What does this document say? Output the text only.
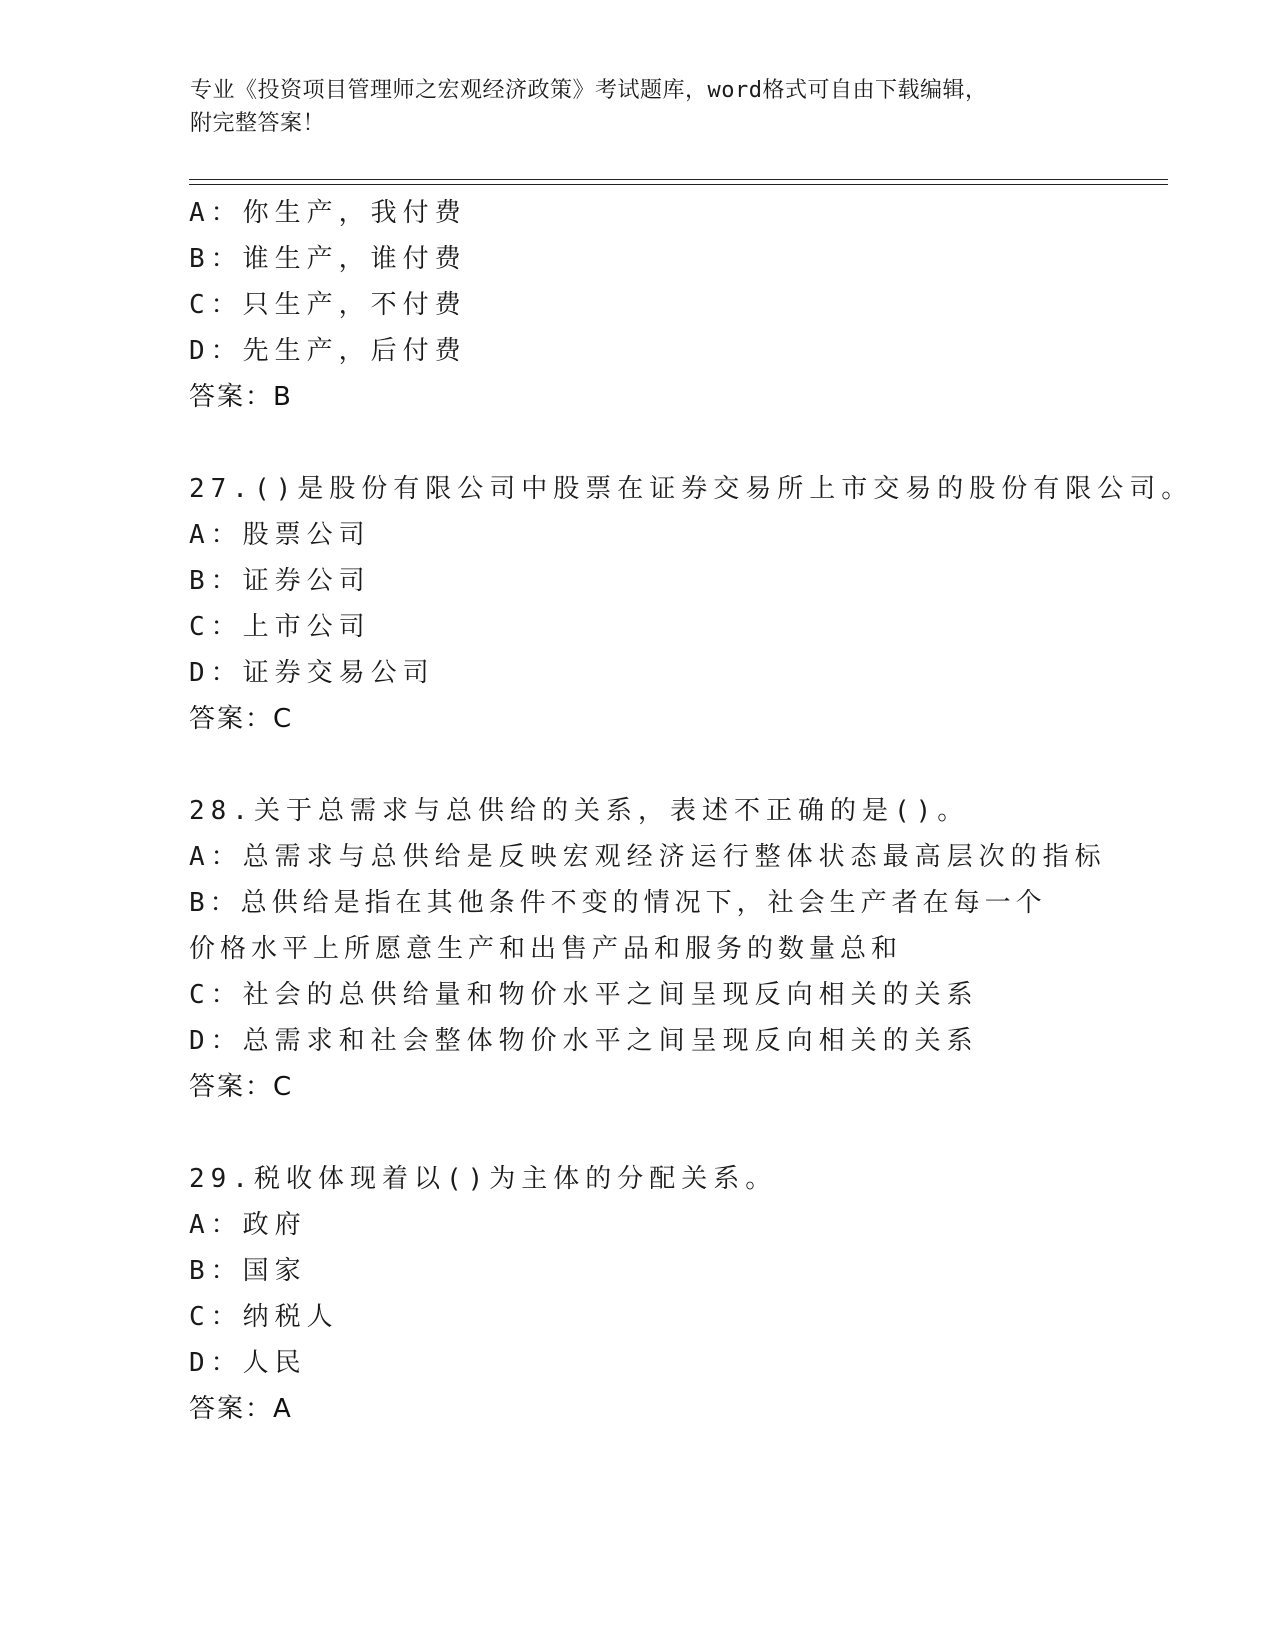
专业《投资项目管理师之宏观经济政策》考试题库，word格式可自由下载编辑，
附完整答案！
A：你生产，我付费
B：谁生产，谁付费
C：只生产，不付费
D：先生产，后付费
答案：B
27.()是股份有限公司中股票在证券交易所上市交易的股份有限公司。
A：股票公司
B：证券公司
C：上市公司
D：证券交易公司
答案：C
28.关于总需求与总供给的关系，表述不正确的是()。
A：总需求与总供给是反映宏观经济运行整体状态最高层次的指标
B：总供给是指在其他条件不变的情况下，社会生产者在每一个价格水平上所愿意生产和出售产品和服务的数量总和
C：社会的总供给量和物价水平之间呈现反向相关的关系
D：总需求和社会整体物价水平之间呈现反向相关的关系
答案：C
29.税收体现着以()为主体的分配关系。
A：政府
B：国家
C：纳税人
D：人民
答案：A
